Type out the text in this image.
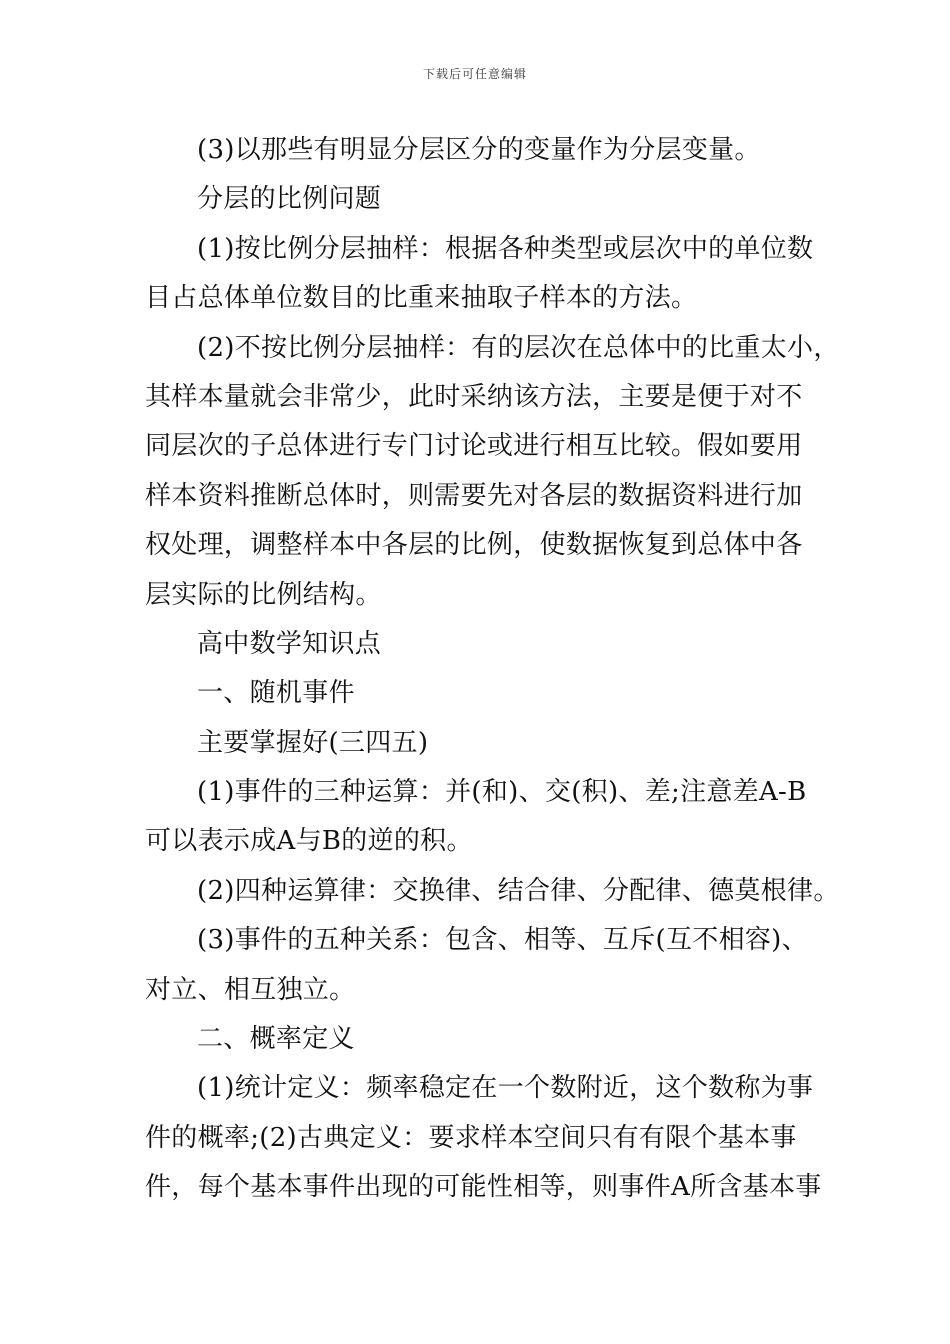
下载后可任意编辑
(3)以那些有明显分层区分的变量作为分层变量。
分层的比例问题
(1)按比例分层抽样：根据各种类型或层次中的单位数
目占总体单位数目的比重来抽取子样本的方法。
(2)不按比例分层抽样：有的层次在总体中的比重太小，
其样本量就会非常少，此时采纳该方法，主要是便于对不
同层次的子总体进行专门讨论或进行相互比较。假如要用
样本资料推断总体时，则需要先对各层的数据资料进行加
权处理，调整样本中各层的比例，使数据恢复到总体中各
层实际的比例结构。
高中数学知识点
一、随机事件
主要掌握好(三四五)
(1)事件的三种运算：并(和)、交(积)、差;注意差A-B
可以表示成A与B的逆的积。
(2)四种运算律：交换律、结合律、分配律、德莫根律。
(3)事件的五种关系：包含、相等、互斥(互不相容)、
对立、相互独立。
二、概率定义
(1)统计定义：频率稳定在一个数附近，这个数称为事
件的概率;(2)古典定义：要求样本空间只有有限个基本事
件，每个基本事件出现的可能性相等，则事件A所含基本事
